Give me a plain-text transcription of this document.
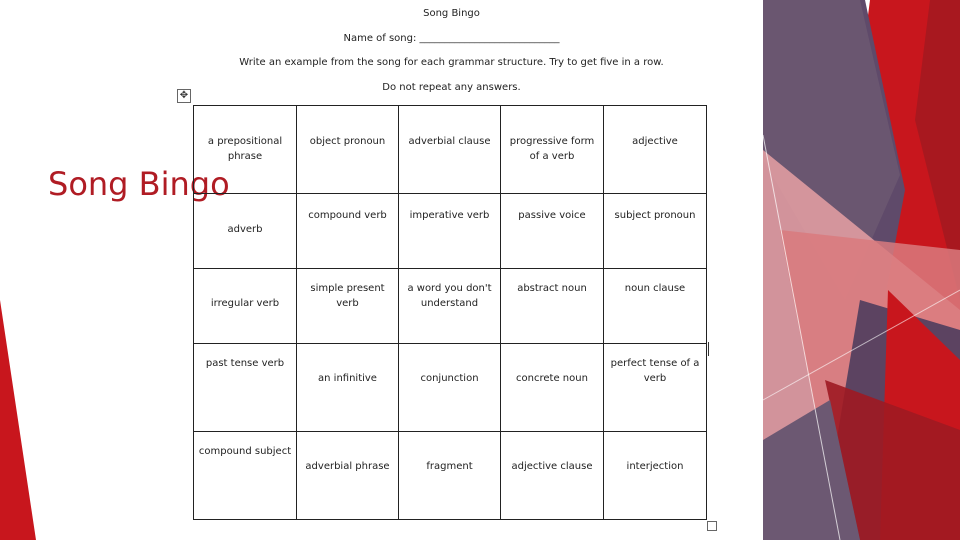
Song Bingo
Song Bingo
Name of song: ____________________________
Write an example from the song for each grammar structure. Try to get five in a row.
Do not repeat any answers.
✥
a prepositional phrase	object pronoun	adverbial clause	progressive form of a verb	adjective

adverb	compound verb	imperative verb	passive voice	subject pronoun

irregular verb	simple present verb	a word you don't understand	abstract noun	noun clause

past tense verb	an infinitive	conjunction	concrete noun	perfect tense of a verb

compound subject	adverbial phrase	fragment	adjective clause	interjection
